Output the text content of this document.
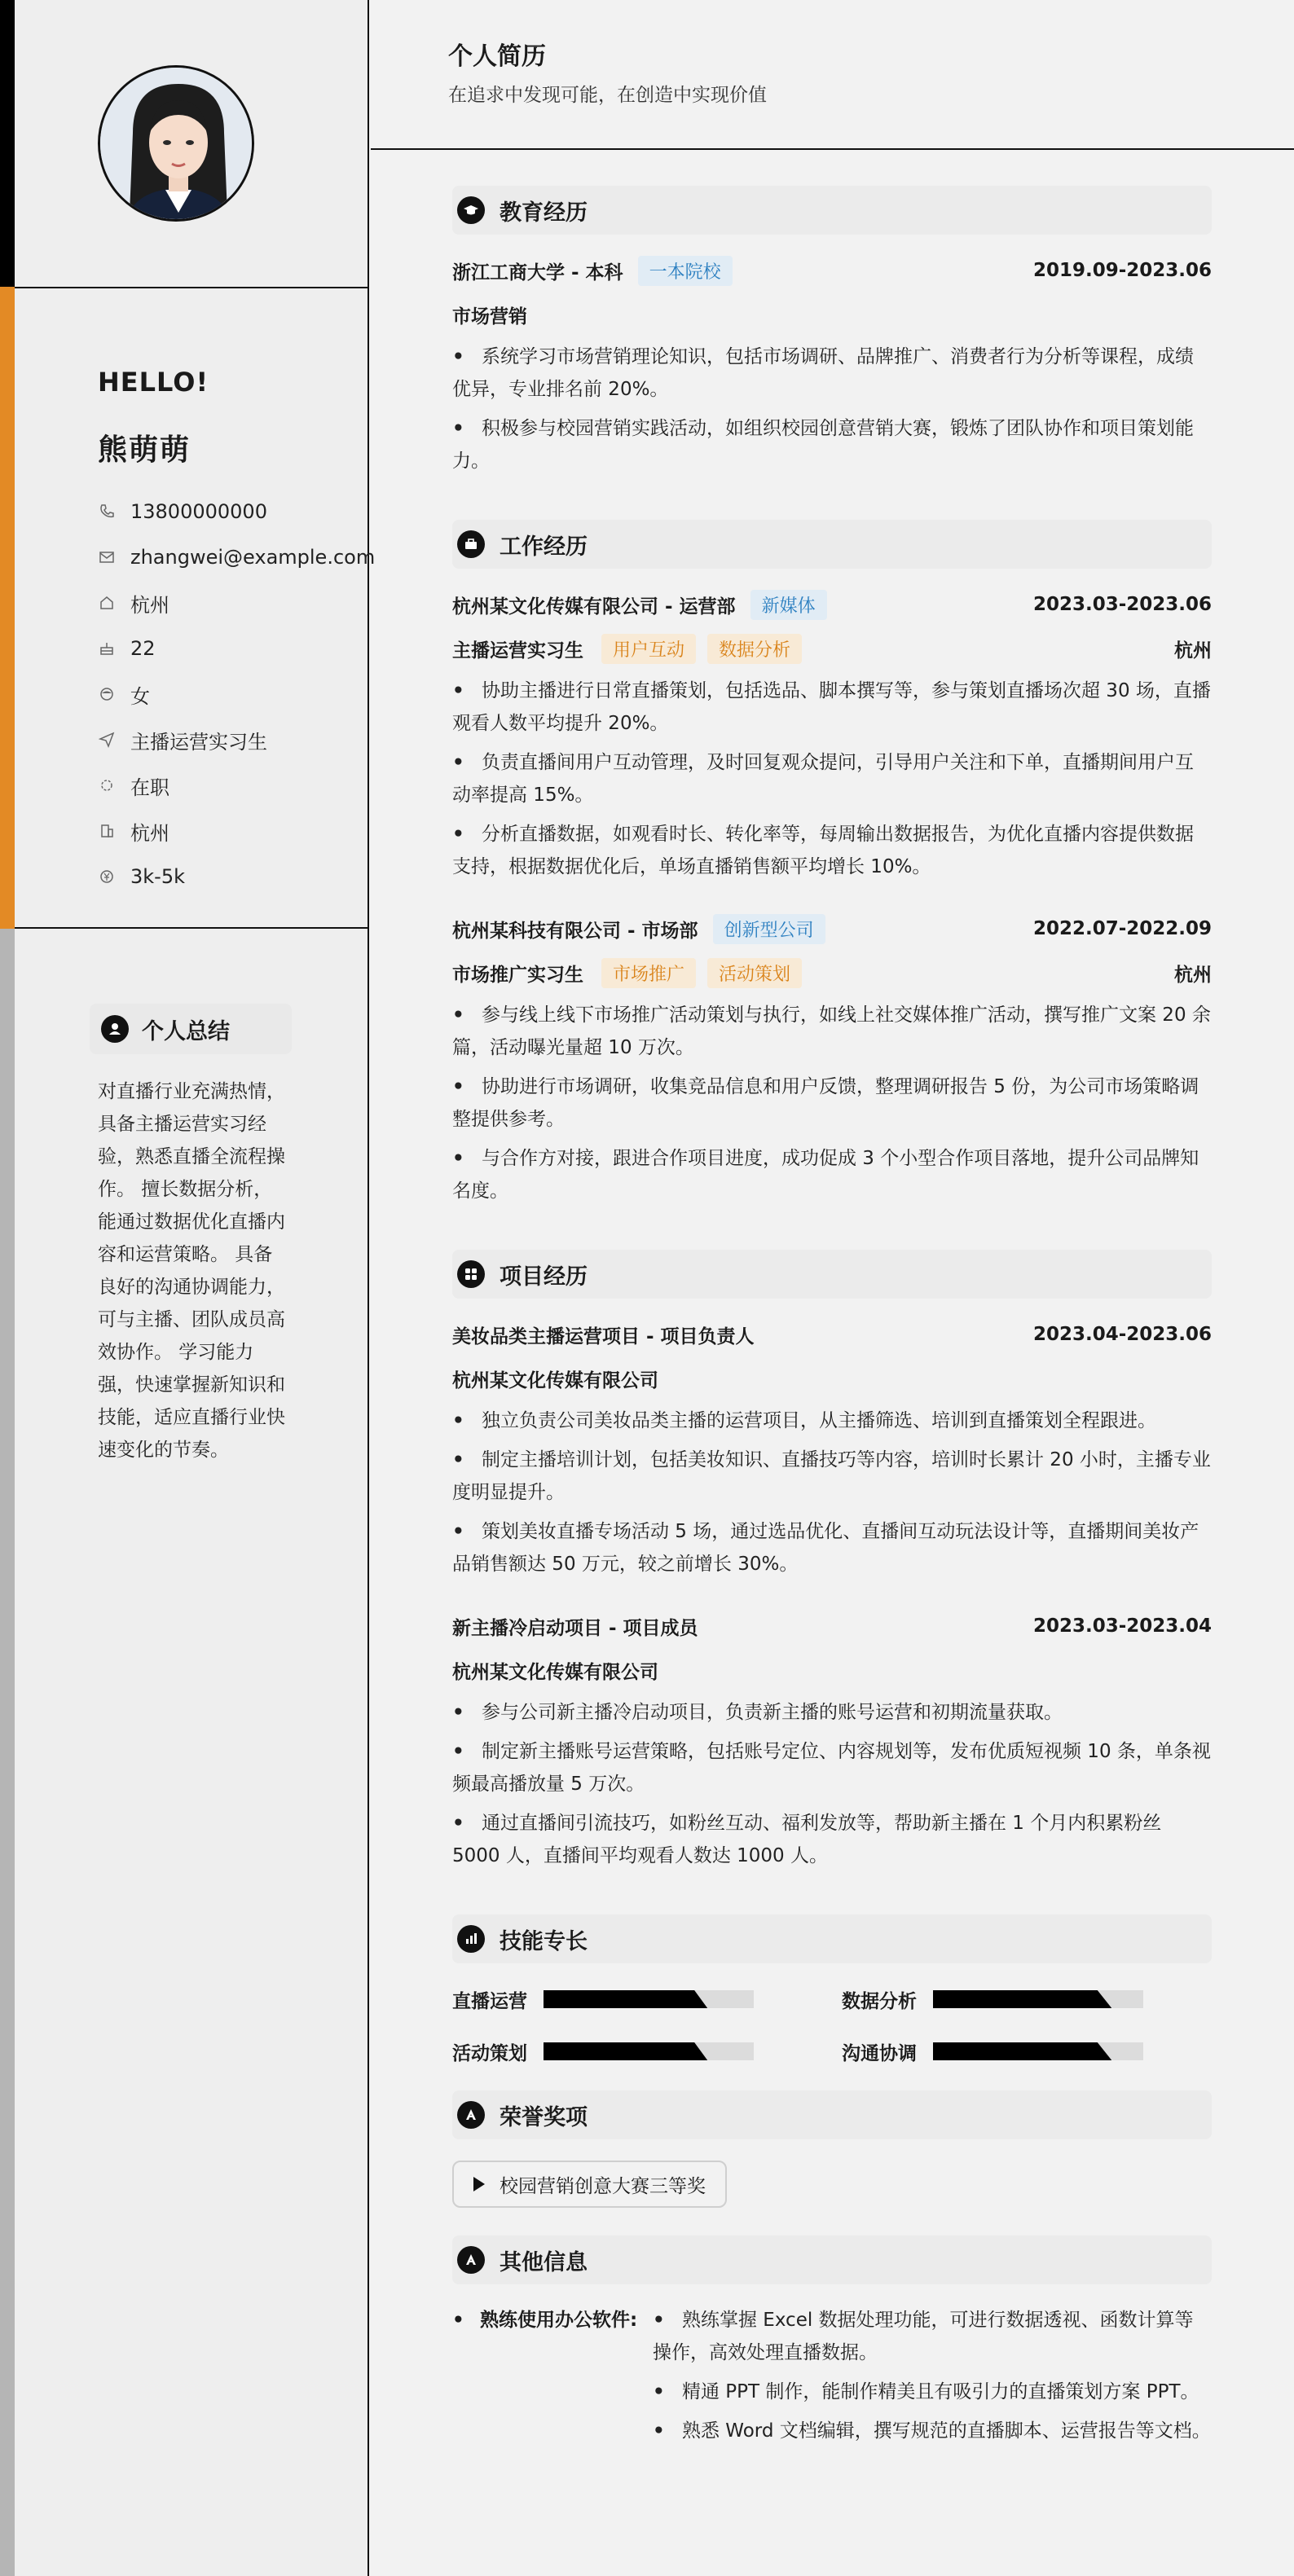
HELLO!
熊萌萌
13800000000
zhangwei@example.com
杭州
22
女
主播运营实习生
在职
杭州
3k-5k
个人总结
对直播行业充满热情，具备主播运营实习经验，熟悉直播全流程操作。 擅长数据分析，能通过数据优化直播内容和运营策略。 具备良好的沟通协调能力，可与主播、团队成员高效协作。 学习能力强，快速掌握新知识和技能，适应直播行业快速变化的节奏。
个人简历
在追求中发现可能，在创造中实现价值
教育经历
浙江工商大学 - 本科	一本院校	2019.09-2023.06
市场营销
• 系统学习市场营销理论知识，包括市场调研、品牌推广、消费者行为分析等课程，成绩优异，专业排名前 20%。
• 积极参与校园营销实践活动，如组织校园创意营销大赛，锻炼了团队协作和项目策划能力。
工作经历
杭州某文化传媒有限公司 - 运营部	新媒体	2023.03-2023.06
主播运营实习生	用户互动	数据分析	杭州
• 协助主播进行日常直播策划，包括选品、脚本撰写等，参与策划直播场次超 30 场，直播观看人数平均提升 20%。
• 负责直播间用户互动管理，及时回复观众提问，引导用户关注和下单，直播期间用户互动率提高 15%。
• 分析直播数据，如观看时长、转化率等，每周输出数据报告，为优化直播内容提供数据支持，根据数据优化后，单场直播销售额平均增长 10%。
杭州某科技有限公司 - 市场部	创新型公司	2022.07-2022.09
市场推广实习生	市场推广	活动策划	杭州
• 参与线上线下市场推广活动策划与执行，如线上社交媒体推广活动，撰写推广文案 20 余篇，活动曝光量超 10 万次。
• 协助进行市场调研，收集竞品信息和用户反馈，整理调研报告 5 份，为公司市场策略调整提供参考。
• 与合作方对接，跟进合作项目进度，成功促成 3 个小型合作项目落地，提升公司品牌知名度。
项目经历
美妆品类主播运营项目 - 项目负责人	2023.04-2023.06
杭州某文化传媒有限公司
• 独立负责公司美妆品类主播的运营项目，从主播筛选、培训到直播策划全程跟进。
• 制定主播培训计划，包括美妆知识、直播技巧等内容，培训时长累计 20 小时，主播专业度明显提升。
• 策划美妆直播专场活动 5 场，通过选品优化、直播间互动玩法设计等，直播期间美妆产品销售额达 50 万元，较之前增长 30%。
新主播冷启动项目 - 项目成员	2023.03-2023.04
杭州某文化传媒有限公司
• 参与公司新主播冷启动项目，负责新主播的账号运营和初期流量获取。
• 制定新主播账号运营策略，包括账号定位、内容规划等，发布优质短视频 10 条，单条视频最高播放量 5 万次。
• 通过直播间引流技巧，如粉丝互动、福利发放等，帮助新主播在 1 个月内积累粉丝 5000 人，直播间平均观看人数达 1000 人。
技能专长
直播运营	数据分析
活动策划	沟通协调
荣誉奖项
校园营销创意大赛三等奖
其他信息
• 熟练使用办公软件: • 熟练掌握 Excel 数据处理功能，可进行数据透视、函数计算等操作，高效处理直播数据。
• 精通 PPT 制作，能制作精美且有吸引力的直播策划方案 PPT。
• 熟悉 Word 文档编辑，撰写规范的直播脚本、运营报告等文档。
